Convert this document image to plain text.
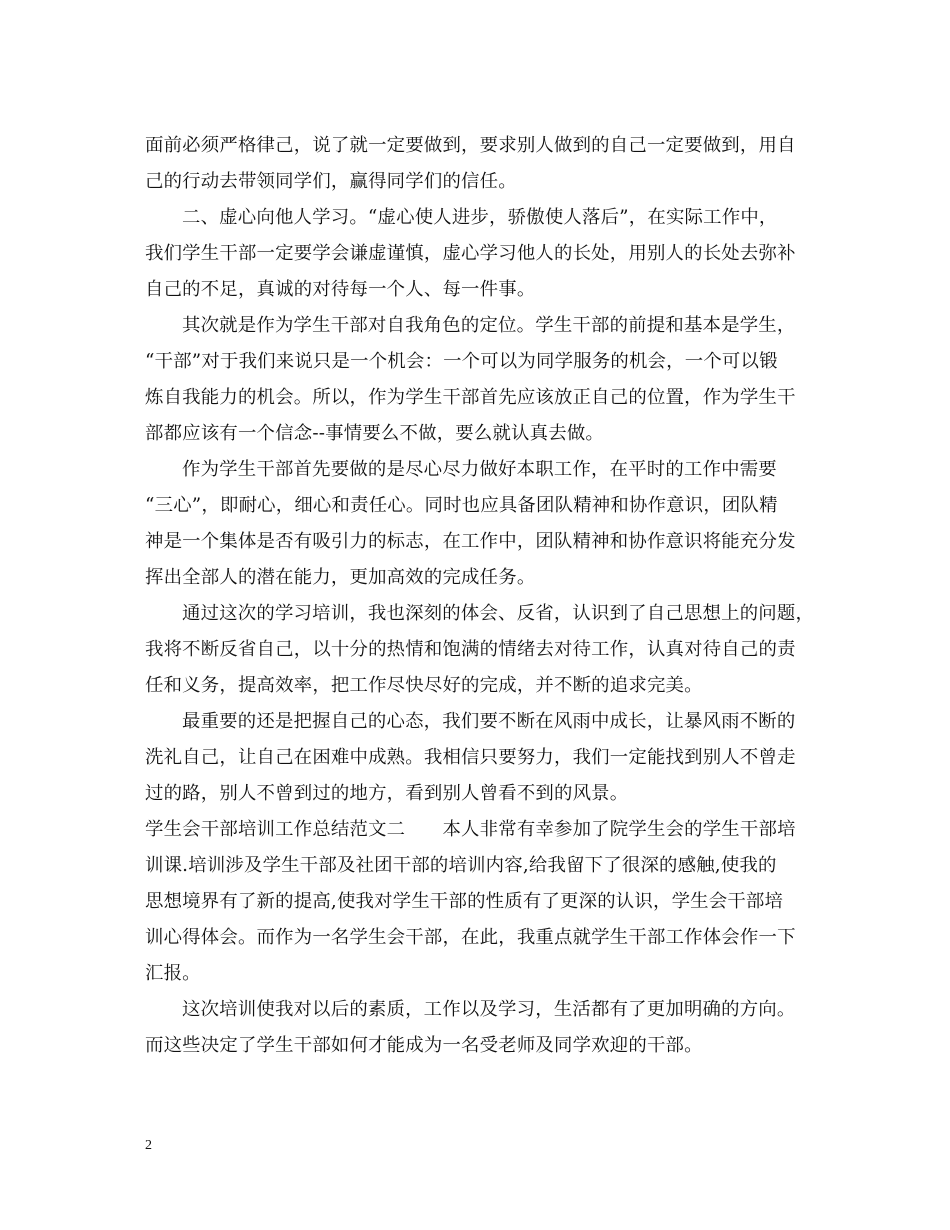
面前必须严格律己，说了就一定要做到，要求别人做到的自己一定要做到，用自
己的行动去带领同学们，赢得同学们的信任。
二、虚心向他人学习。“虚心使人进步，骄傲使人落后”，在实际工作中，
我们学生干部一定要学会谦虚谨慎，虚心学习他人的长处，用别人的长处去弥补
自己的不足，真诚的对待每一个人、每一件事。
其次就是作为学生干部对自我角色的定位。学生干部的前提和基本是学生，
“干部”对于我们来说只是一个机会：一个可以为同学服务的机会，一个可以锻
炼自我能力的机会。所以，作为学生干部首先应该放正自己的位置，作为学生干
部都应该有一个信念--事情要么不做，要么就认真去做。
作为学生干部首先要做的是尽心尽力做好本职工作，在平时的工作中需要
“三心”，即耐心，细心和责任心。同时也应具备团队精神和协作意识，团队精
神是一个集体是否有吸引力的标志，在工作中，团队精神和协作意识将能充分发
挥出全部人的潜在能力，更加高效的完成任务。
通过这次的学习培训，我也深刻的体会、反省，认识到了自己思想上的问题，
我将不断反省自己，以十分的热情和饱满的情绪去对待工作，认真对待自己的责
任和义务，提高效率，把工作尽快尽好的完成，并不断的追求完美。
最重要的还是把握自己的心态，我们要不断在风雨中成长，让暴风雨不断的
洗礼自己，让自己在困难中成熟。我相信只要努力，我们一定能找到别人不曾走
过的路，别人不曾到过的地方，看到别人曾看不到的风景。
学生会干部培训工作总结范文二　　本人非常有幸参加了院学生会的学生干部培
训课.培训涉及学生干部及社团干部的培训内容,给我留下了很深的感触,使我的
思想境界有了新的提高,使我对学生干部的性质有了更深的认识，学生会干部培
训心得体会。而作为一名学生会干部，在此，我重点就学生干部工作体会作一下
汇报。
这次培训使我对以后的素质，工作以及学习，生活都有了更加明确的方向。
而这些决定了学生干部如何才能成为一名受老师及同学欢迎的干部。
2
